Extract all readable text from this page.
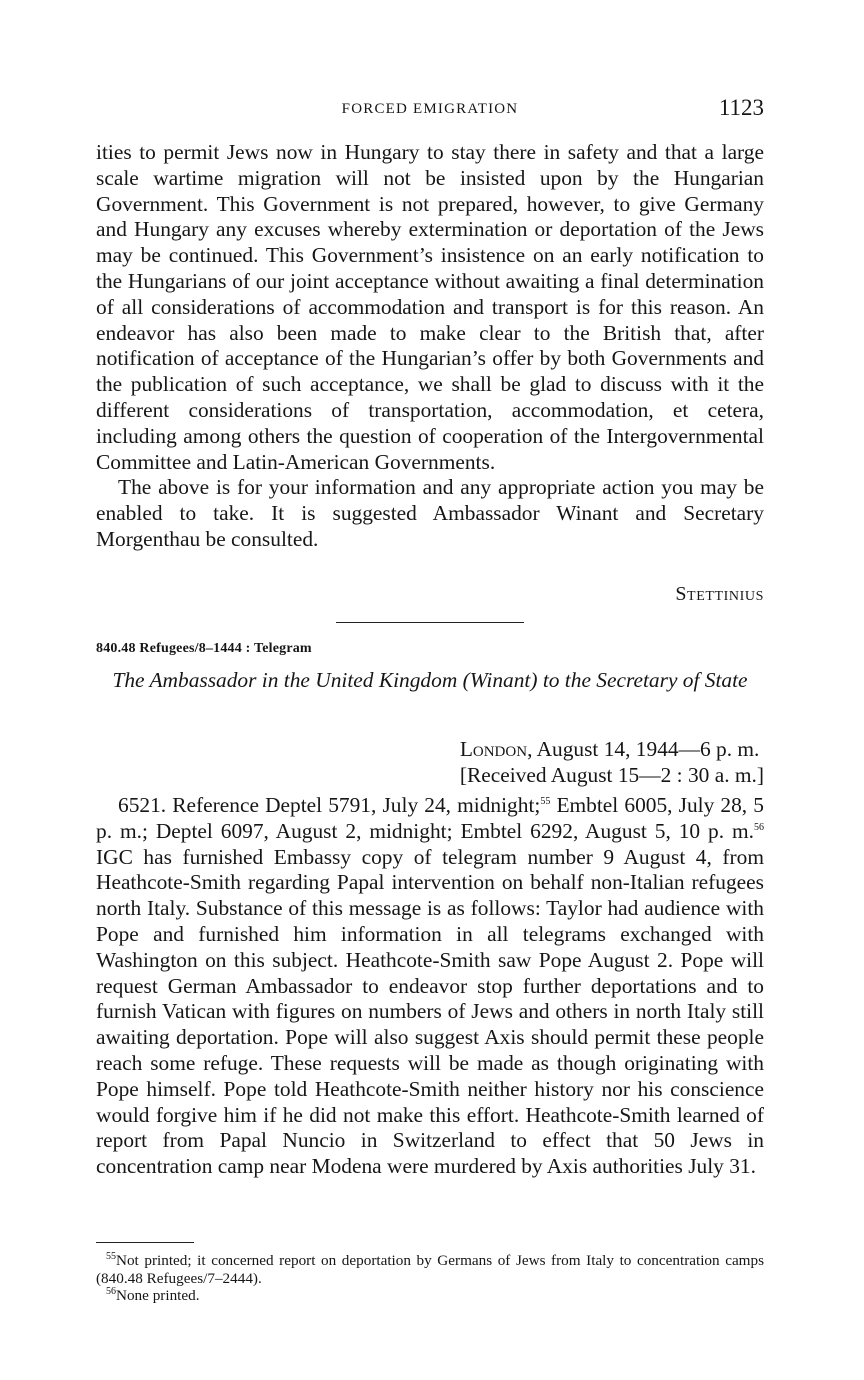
FORCED EMIGRATION	1123

ities to permit Jews now in Hungary to stay there in safety and that a large scale wartime migration will not be insisted upon by the Hungarian Government. This Government is not prepared, however, to give Germany and Hungary any excuses whereby extermination or deportation of the Jews may be continued. This Government’s insistence on an early notification to the Hungarians of our joint acceptance without awaiting a final determination of all considerations of accommodation and transport is for this reason. An endeavor has also been made to make clear to the British that, after notification of acceptance of the Hungarian’s offer by both Governments and the publication of such acceptance, we shall be glad to discuss with it the different considerations of transportation, accommodation, et cetera, including among others the question of cooperation of the Intergovernmental Committee and Latin-American Governments.

The above is for your information and any appropriate action you may be enabled to take. It is suggested Ambassador Winant and Secretary Morgenthau be consulted.

Stettinius
840.48 Refugees/8–1444 : Telegram
The Ambassador in the United Kingdom (Winant) to the Secretary of State
London, August 14, 1944—6 p. m.
[Received August 15—2 : 30 a. m.]

6521. Reference Deptel 5791, July 24, midnight;$^{55}$ Embtel 6005, July 28, 5 p. m.; Deptel 6097, August 2, midnight; Embtel 6292, August 5, 10 p. m.$^{56}$ IGC has furnished Embassy copy of telegram number 9 August 4, from Heathcote-Smith regarding Papal intervention on behalf non-Italian refugees north Italy. Substance of this message is as follows: Taylor had audience with Pope and furnished him information in all telegrams exchanged with Washington on this subject. Heathcote-Smith saw Pope August 2. Pope will request German Ambassador to endeavor stop further deportations and to furnish Vatican with figures on numbers of Jews and others in north Italy still awaiting deportation. Pope will also suggest Axis should permit these people reach some refuge. These requests will be made as though originating with Pope himself. Pope told Heathcote-Smith neither history nor his conscience would forgive him if he did not make this effort. Heathcote-Smith learned of report from Papal Nuncio in Switzerland to effect that 50 Jews in concentration camp near Modena were murdered by Axis authorities July 31.

$^{55}$Not printed; it concerned report on deportation by Germans of Jews from Italy to concentration camps (840.48 Refugees/7–2444).

$^{56}$None printed.
